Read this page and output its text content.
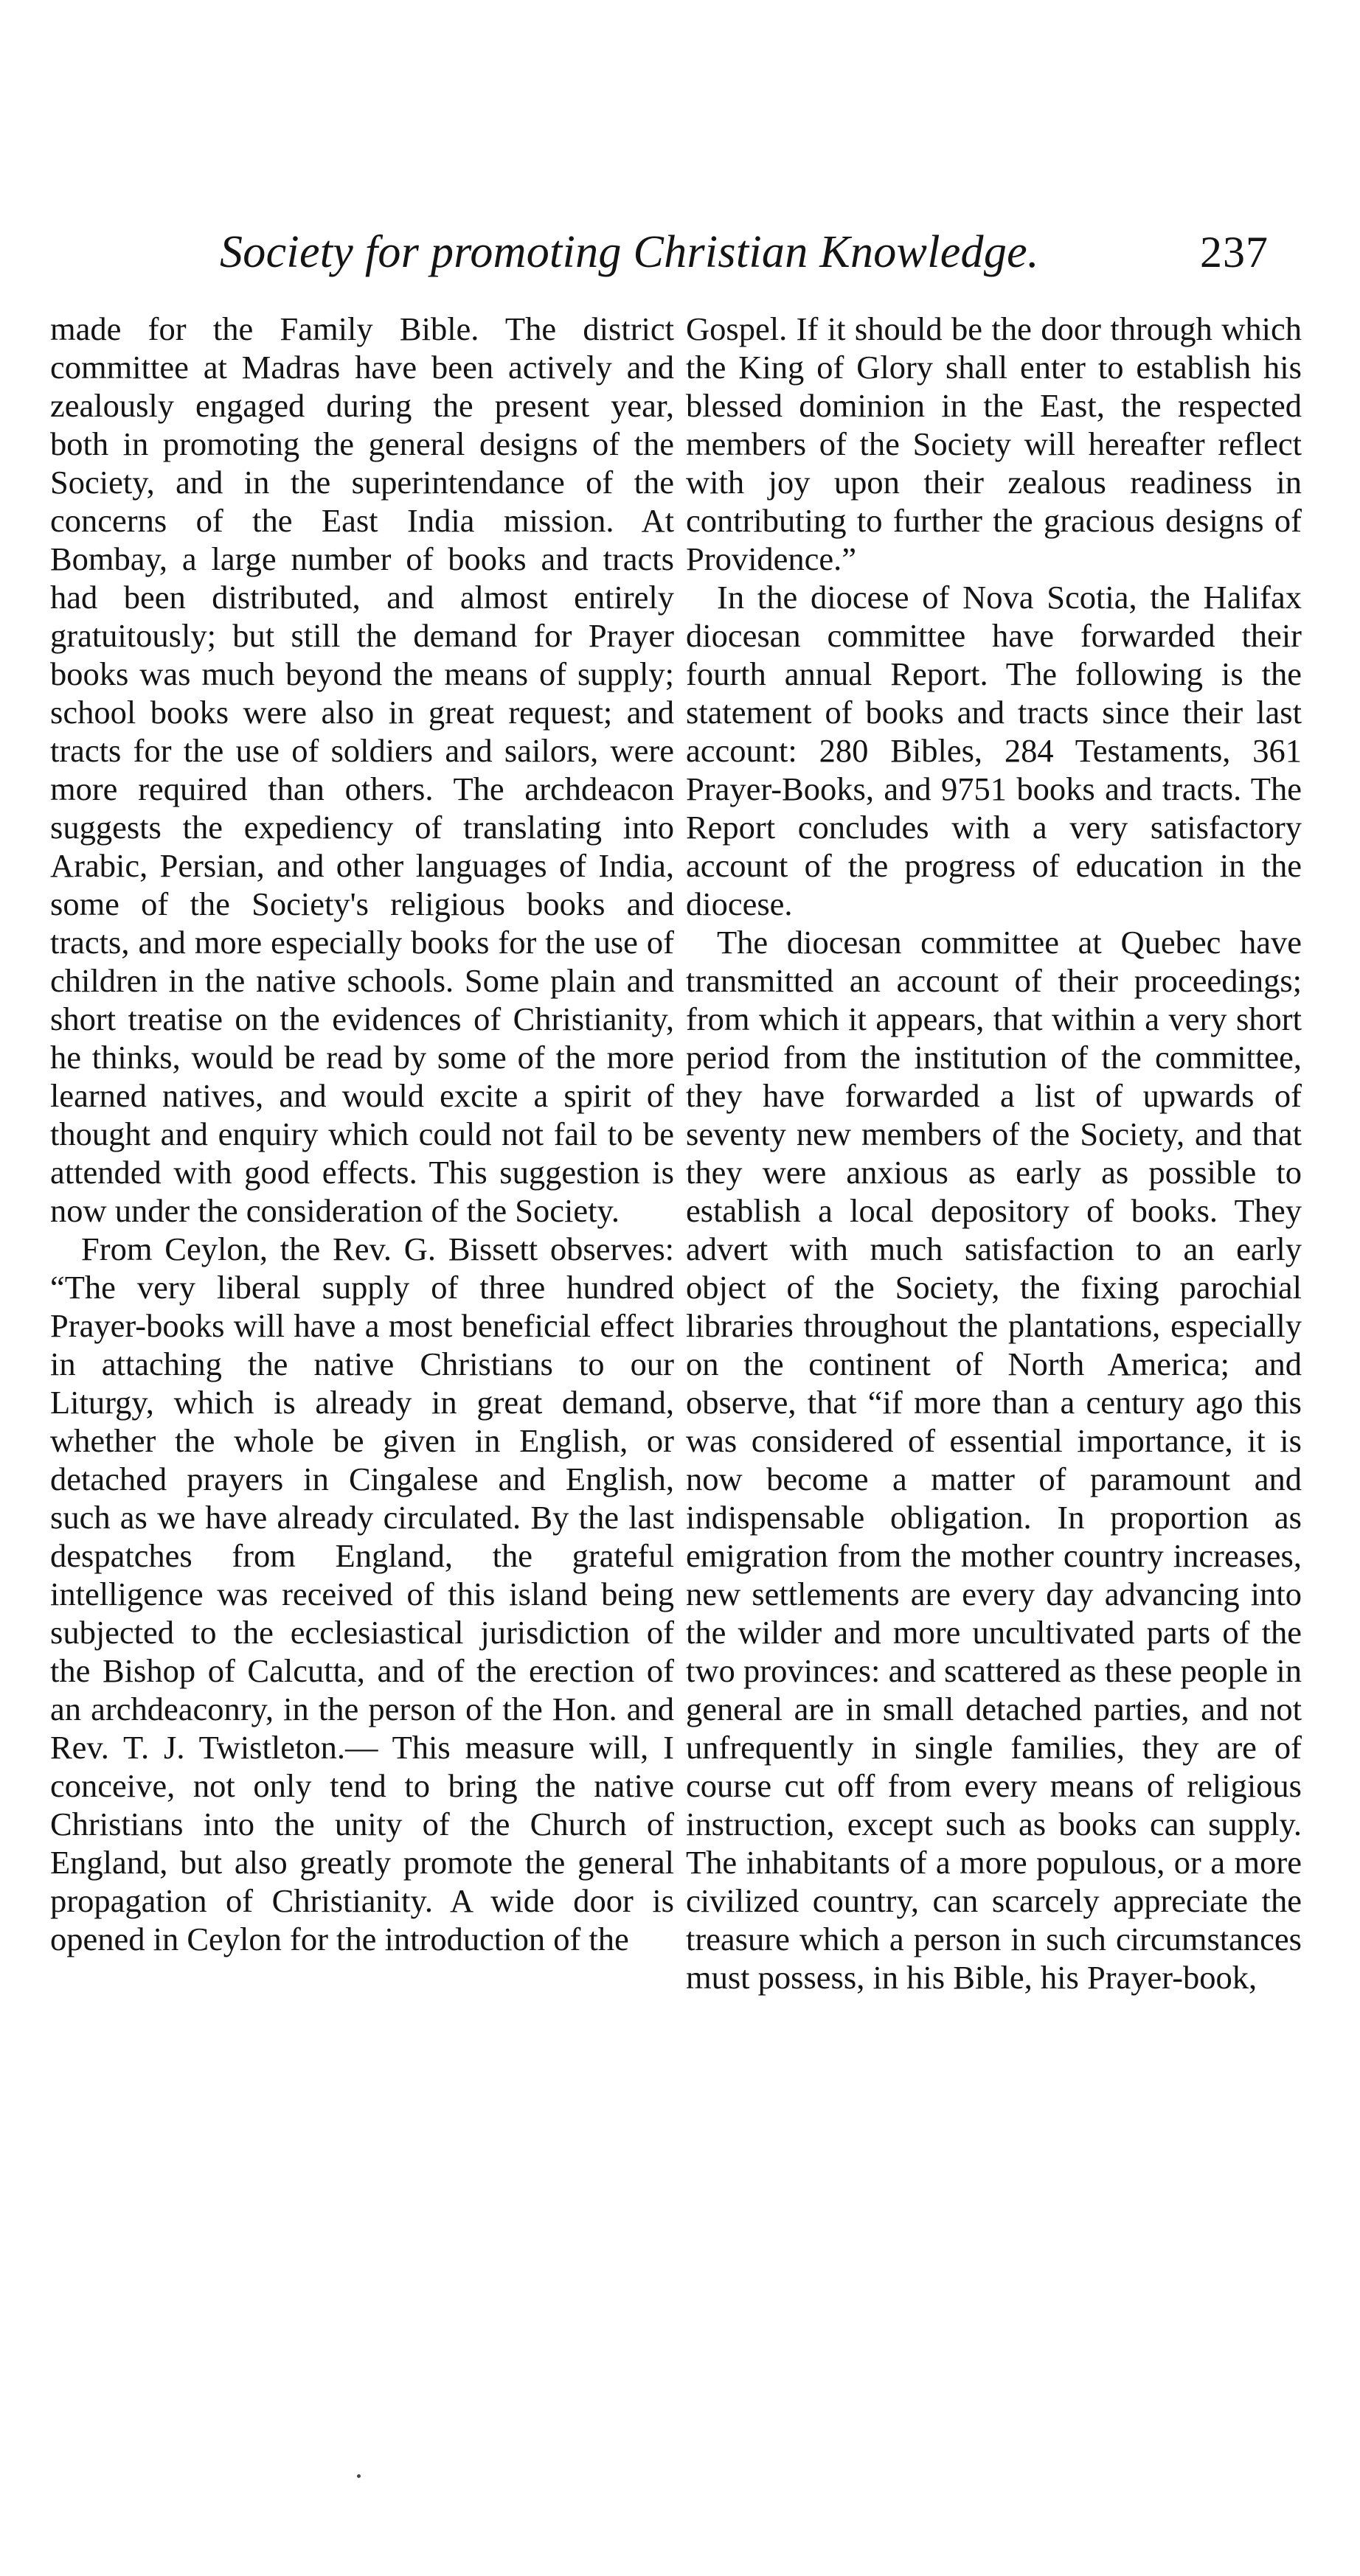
Society for promoting Christian Knowledge.	237

made for the Family Bible. The district committee at Madras have been actively and zealously engaged during the present year, both in promoting the general designs of the Society, and in the superintendance of the concerns of the East India mission. At Bombay, a large number of books and tracts had been distributed, and almost entirely gratuitously; but still the demand for Prayer books was much beyond the means of supply; school books were also in great request; and tracts for the use of soldiers and sailors, were more required than others. The archdeacon suggests the expediency of translating into Arabic, Persian, and other languages of India, some of the Society's religious books and tracts, and more especially books for the use of children in the native schools. Some plain and short treatise on the evidences of Christianity, he thinks, would be read by some of the more learned natives, and would excite a spirit of thought and enquiry which could not fail to be attended with good effects. This suggestion is now under the consideration of the Society.

From Ceylon, the Rev. G. Bissett observes: “The very liberal supply of three hundred Prayer-books will have a most beneficial effect in attaching the native Christians to our Liturgy, which is already in great demand, whether the whole be given in English, or detached prayers in Cingalese and English, such as we have already circulated. By the last despatches from England, the grateful intelligence was received of this island being subjected to the ecclesiastical jurisdiction of the Bishop of Calcutta, and of the erection of an archdeaconry, in the person of the Hon. and Rev. T. J. Twistleton.— This measure will, I conceive, not only tend to bring the native Christians into the unity of the Church of England, but also greatly promote the general propagation of Christianity. A wide door is opened in Ceylon for the introduction of the

Gospel. If it should be the door through which the King of Glory shall enter to establish his blessed dominion in the East, the respected members of the Society will hereafter reflect with joy upon their zealous readiness in contributing to further the gracious designs of Providence.”

In the diocese of Nova Scotia, the Halifax diocesan committee have forwarded their fourth annual Report. The following is the statement of books and tracts since their last account: 280 Bibles, 284 Testaments, 361 Prayer-Books, and 9751 books and tracts. The Report concludes with a very satisfactory account of the progress of education in the diocese.

The diocesan committee at Quebec have transmitted an account of their proceedings; from which it appears, that within a very short period from the institution of the committee, they have forwarded a list of upwards of seventy new members of the Society, and that they were anxious as early as possible to establish a local depository of books. They advert with much satisfaction to an early object of the Society, the fixing parochial libraries throughout the plantations, especially on the continent of North America; and observe, that “if more than a century ago this was considered of essential importance, it is now become a matter of paramount and indispensable obligation. In proportion as emigration from the mother country increases, new settlements are every day advancing into the wilder and more uncultivated parts of the two provinces: and scattered as these people in general are in small detached parties, and not unfrequently in single families, they are of course cut off from every means of religious instruction, except such as books can supply. The inhabitants of a more populous, or a more civilized country, can scarcely appreciate the treasure which a person in such circumstances must possess, in his Bible, his Prayer-book,
